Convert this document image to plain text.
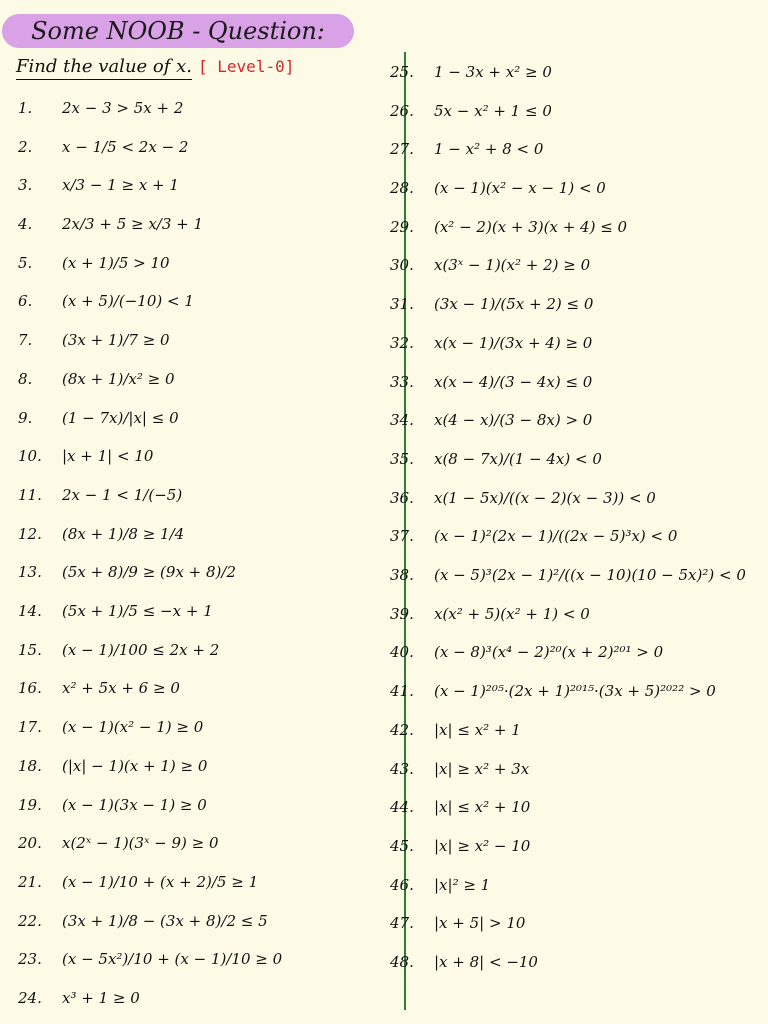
Some NOOB - Question:
Find the value of x. [ Level-0]
1.	2x − 3 > 5x + 2
2.	x − 1/5 < 2x − 2
3.	x/3 − 1 ≥ x + 1
4.	2x/3 + 5 ≥ x/3 + 1
5.	(x + 1)/5 > 10
6.	(x + 5)/(−10) < 1
7.	(3x + 1)/7 ≥ 0
8.	(8x + 1)/x² ≥ 0
9.	(1 − 7x)/|x| ≤ 0
10.	|x + 1| < 10
11.	2x − 1 < 1/(−5)
12.	(8x + 1)/8 ≥ 1/4
13.	(5x + 8)/9 ≥ (9x + 8)/2
14.	(5x + 1)/5 ≤ −x + 1
15.	(x − 1)/100 ≤ 2x + 2
16.	x² + 5x + 6 ≥ 0
17.	(x − 1)(x² − 1) ≥ 0
18.	(|x| − 1)(x + 1) ≥ 0
19.	(x − 1)(3x − 1) ≥ 0
20.	x(2ˣ − 1)(3ˣ − 9) ≥ 0
21.	(x − 1)/10 + (x + 2)/5 ≥ 1
22.	(3x + 1)/8 − (3x + 8)/2 ≤ 5
23.	(x − 5x²)/10 + (x − 1)/10 ≥ 0
24.	x³ + 1 ≥ 0
25.	1 − 3x + x² ≥ 0
26.	5x − x² + 1 ≤ 0
27.	1 − x² + 8 < 0
28.	(x − 1)(x² − x − 1) < 0
29.	(x² − 2)(x + 3)(x + 4) ≤ 0
30.	x(3ˣ − 1)(x² + 2) ≥ 0
31.	(3x − 1)/(5x + 2) ≤ 0
32.	x(x − 1)/(3x + 4) ≥ 0
33.	x(x − 4)/(3 − 4x) ≤ 0
34.	x(4 − x)/(3 − 8x) > 0
35.	x(8 − 7x)/(1 − 4x) < 0
36.	x(1 − 5x)/((x − 2)(x − 3)) < 0
37.	(x − 1)²(2x − 1)/((2x − 5)³x) < 0
38.	(x − 5)³(2x − 1)²/((x − 10)(10 − 5x)²) < 0
39.	x(x² + 5)(x² + 1) < 0
40.	(x − 8)³(x⁴ − 2)²⁰(x + 2)²⁰¹ > 0
41.	(x − 1)²⁰⁵·(2x + 1)²⁰¹⁵·(3x + 5)²⁰²² > 0
42.	|x| ≤ x² + 1
43.	|x| ≥ x² + 3x
44.	|x| ≤ x² + 10
45.	|x| ≥ x² − 10
46.	|x|² ≥ 1
47.	|x + 5| > 10
48.	|x + 8| < −10
